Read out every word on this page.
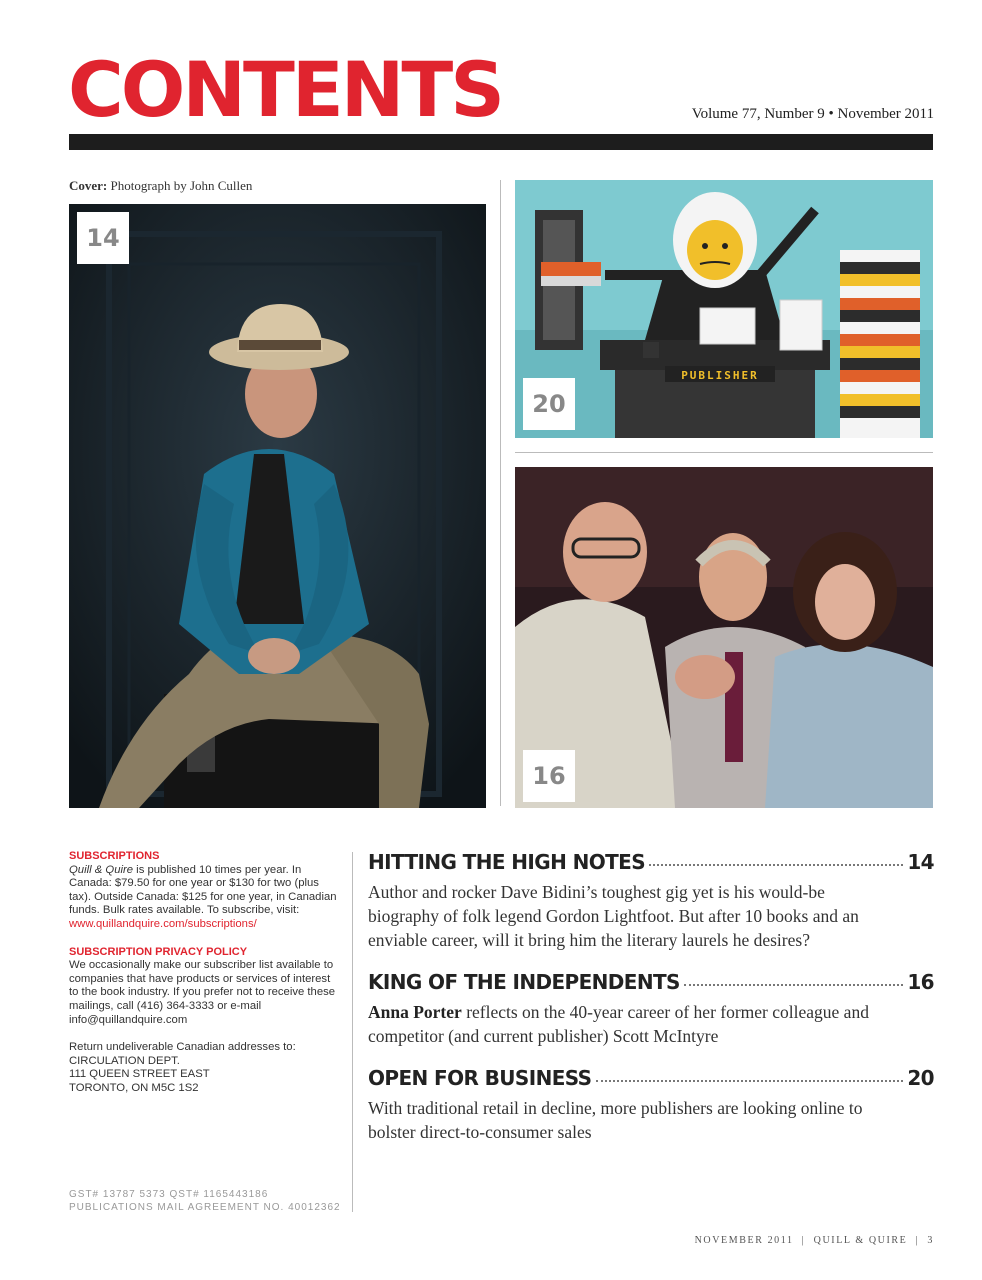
CONTENTS	Volume 77, Number 9 • November 2011
Cover: Photograph by John Cullen
14
PUBLISHER
20
16
SUBSCRIPTIONS
Quill & Quire is published 10 times per year. In Canada: $79.50 for one year or $130 for two (plus tax). Outside Canada: $125 for one year, in Canadian funds. Bulk rates available. To subscribe, visit:
www.quillandquire.com/subscriptions/
SUBSCRIPTION PRIVACY POLICY
We occasionally make our subscriber list available to companies that have products or services of interest to the book industry. If you prefer not to receive these mailings, call (416) 364-3333 or e-mail info@quillandquire.com
Return undeliverable Canadian addresses to:
CIRCULATION DEPT.
111 QUEEN STREET EAST
TORONTO, ON M5C 1S2
GST# 13787 5373 QST# 1165443186
PUBLICATIONS MAIL AGREEMENT NO. 40012362
HITTING THE HIGH NOTES	14
Author and rocker Dave Bidini’s toughest gig yet is his would-be biography of folk legend Gordon Lightfoot. But after 10 books and an enviable career, will it bring him the literary laurels he desires?
KING OF THE INDEPENDENTS	16
Anna Porter reflects on the 40-year career of her former colleague and competitor (and current publisher) Scott McIntyre
OPEN FOR BUSINESS	20
With traditional retail in decline, more publishers are looking online to bolster direct-to-consumer sales
NOVEMBER 2011  |  QUILL & QUIRE  |  3
